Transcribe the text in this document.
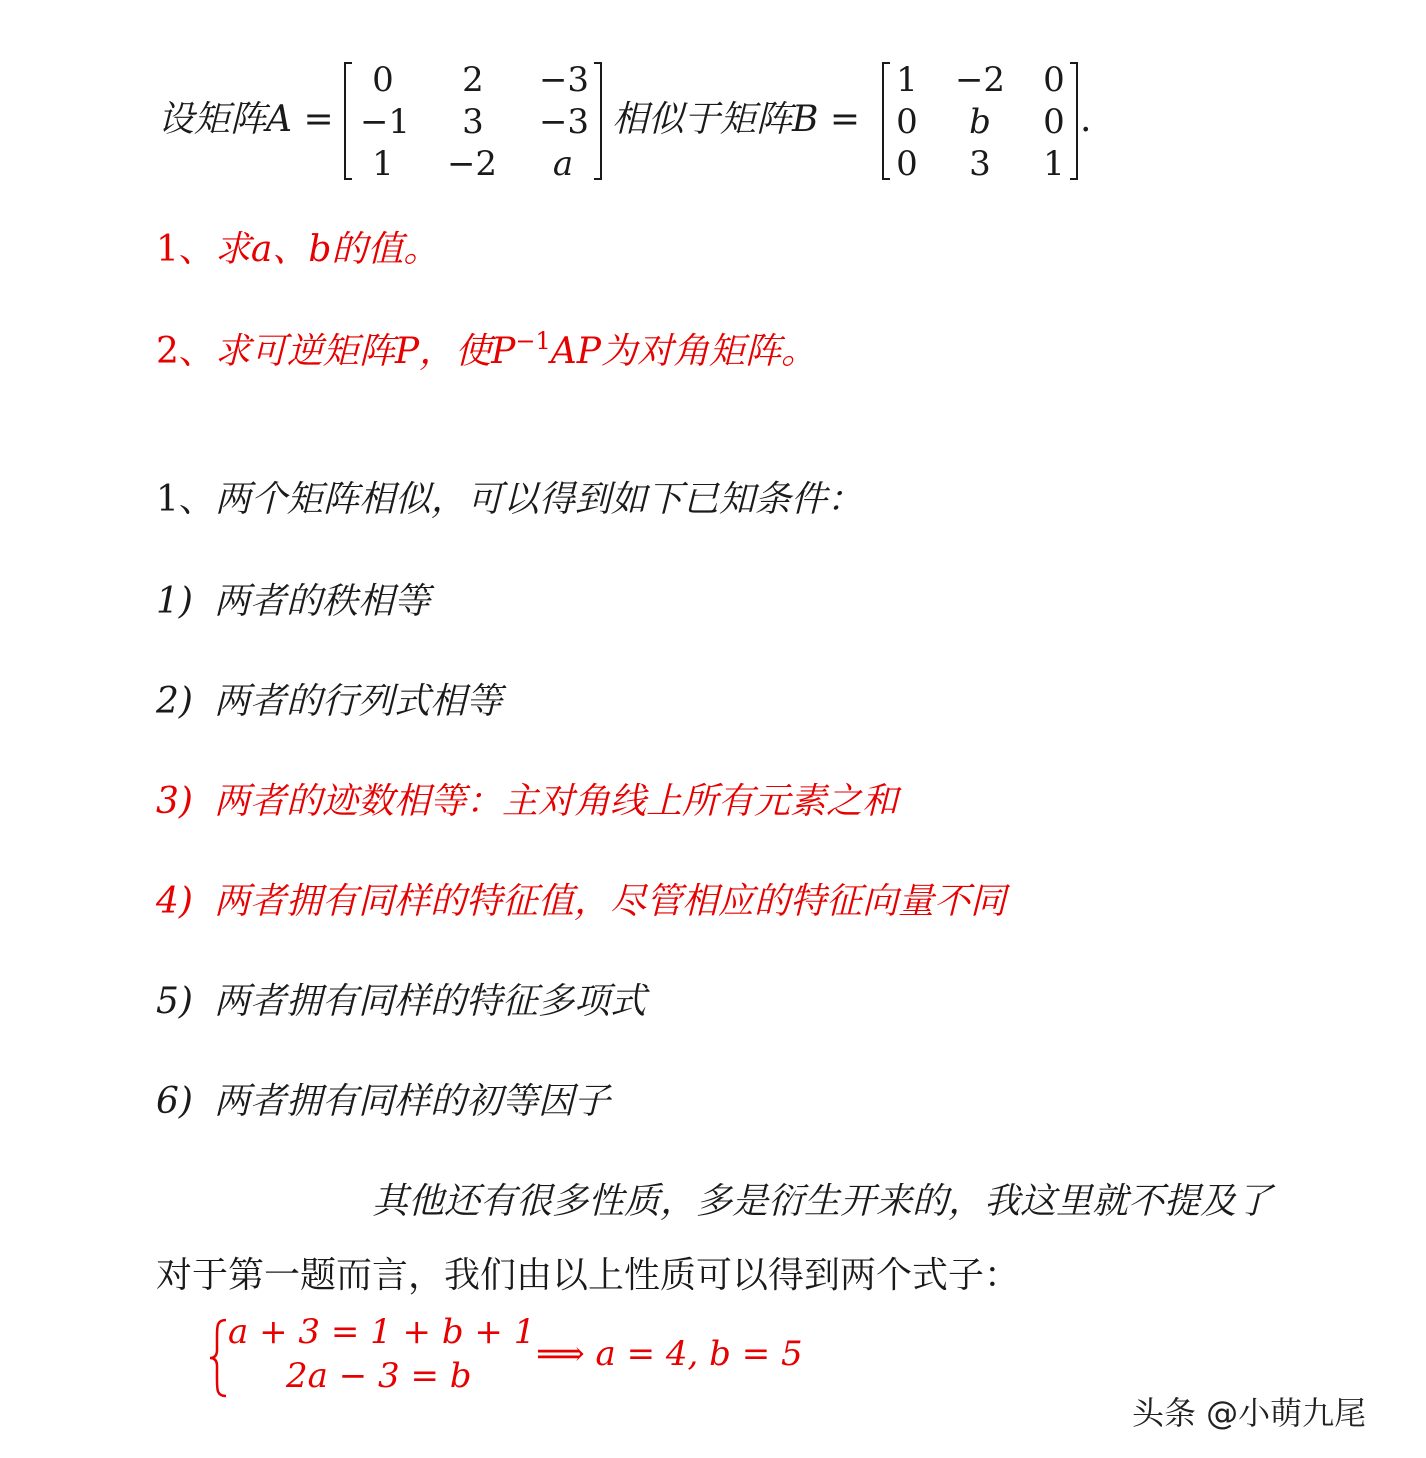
设矩阵A =
0	2	−3
−1	3	−3
1	−2	a
相似于矩阵B =
1 −2 0
0	b	0
0	3	1
.
1、求a、b的值。
2、求可逆矩阵P，使$P^{-1}AP$为对角矩阵。
1、两个矩阵相似，可以得到如下已知条件：
1) 两者的秩相等
2) 两者的行列式相等
3) 两者的迹数相等：主对角线上所有元素之和
4) 两者拥有同样的特征值，尽管相应的特征向量不同
5) 两者拥有同样的特征多项式
6) 两者拥有同样的初等因子
其他还有很多性质，多是衍生开来的，我这里就不提及了
对于第一题而言，我们由以上性质可以得到两个式子：
a + 3 = 1 + b + 1
2a − 3 = b
⟹ a = 4, b = 5
头条 @小萌九尾
